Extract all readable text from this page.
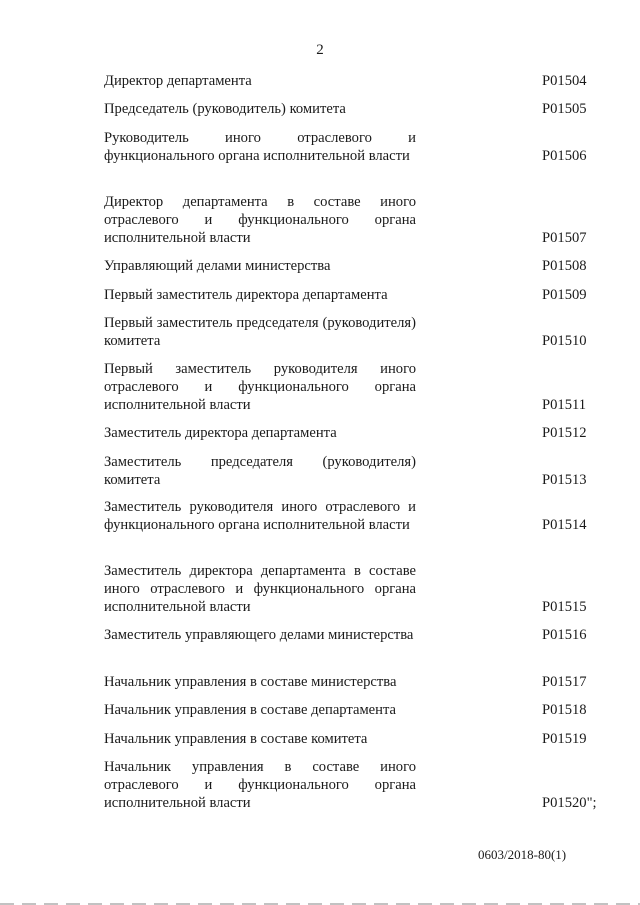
2
Директор департамента	Р01504
Председатель (руководитель) комитета	Р01505
Руководитель иного отраслевого и функционального органа исполнительной власти	Р01506
Директор департамента в составе иного отраслевого и функционального органа исполнительной власти	Р01507
Управляющий делами министерства	Р01508
Первый заместитель директора департамента	Р01509
Первый заместитель председателя (руководителя) комитета	Р01510
Первый заместитель руководителя иного отраслевого и функционального органа исполнительной власти	Р01511
Заместитель директора департамента	Р01512
Заместитель председателя (руководителя) комитета	Р01513
Заместитель руководителя иного отраслевого и функционального органа исполнительной власти	Р01514
Заместитель директора департамента в составе иного отраслевого и функционального органа исполнительной власти	Р01515
Заместитель управляющего делами министерства	Р01516
Начальник управления в составе министерства	Р01517
Начальник управления в составе департамента	Р01518
Начальник управления в составе комитета	Р01519
Начальник управления в составе иного отраслевого и функционального органа исполнительной власти	Р01520";
0603/2018-80(1)
